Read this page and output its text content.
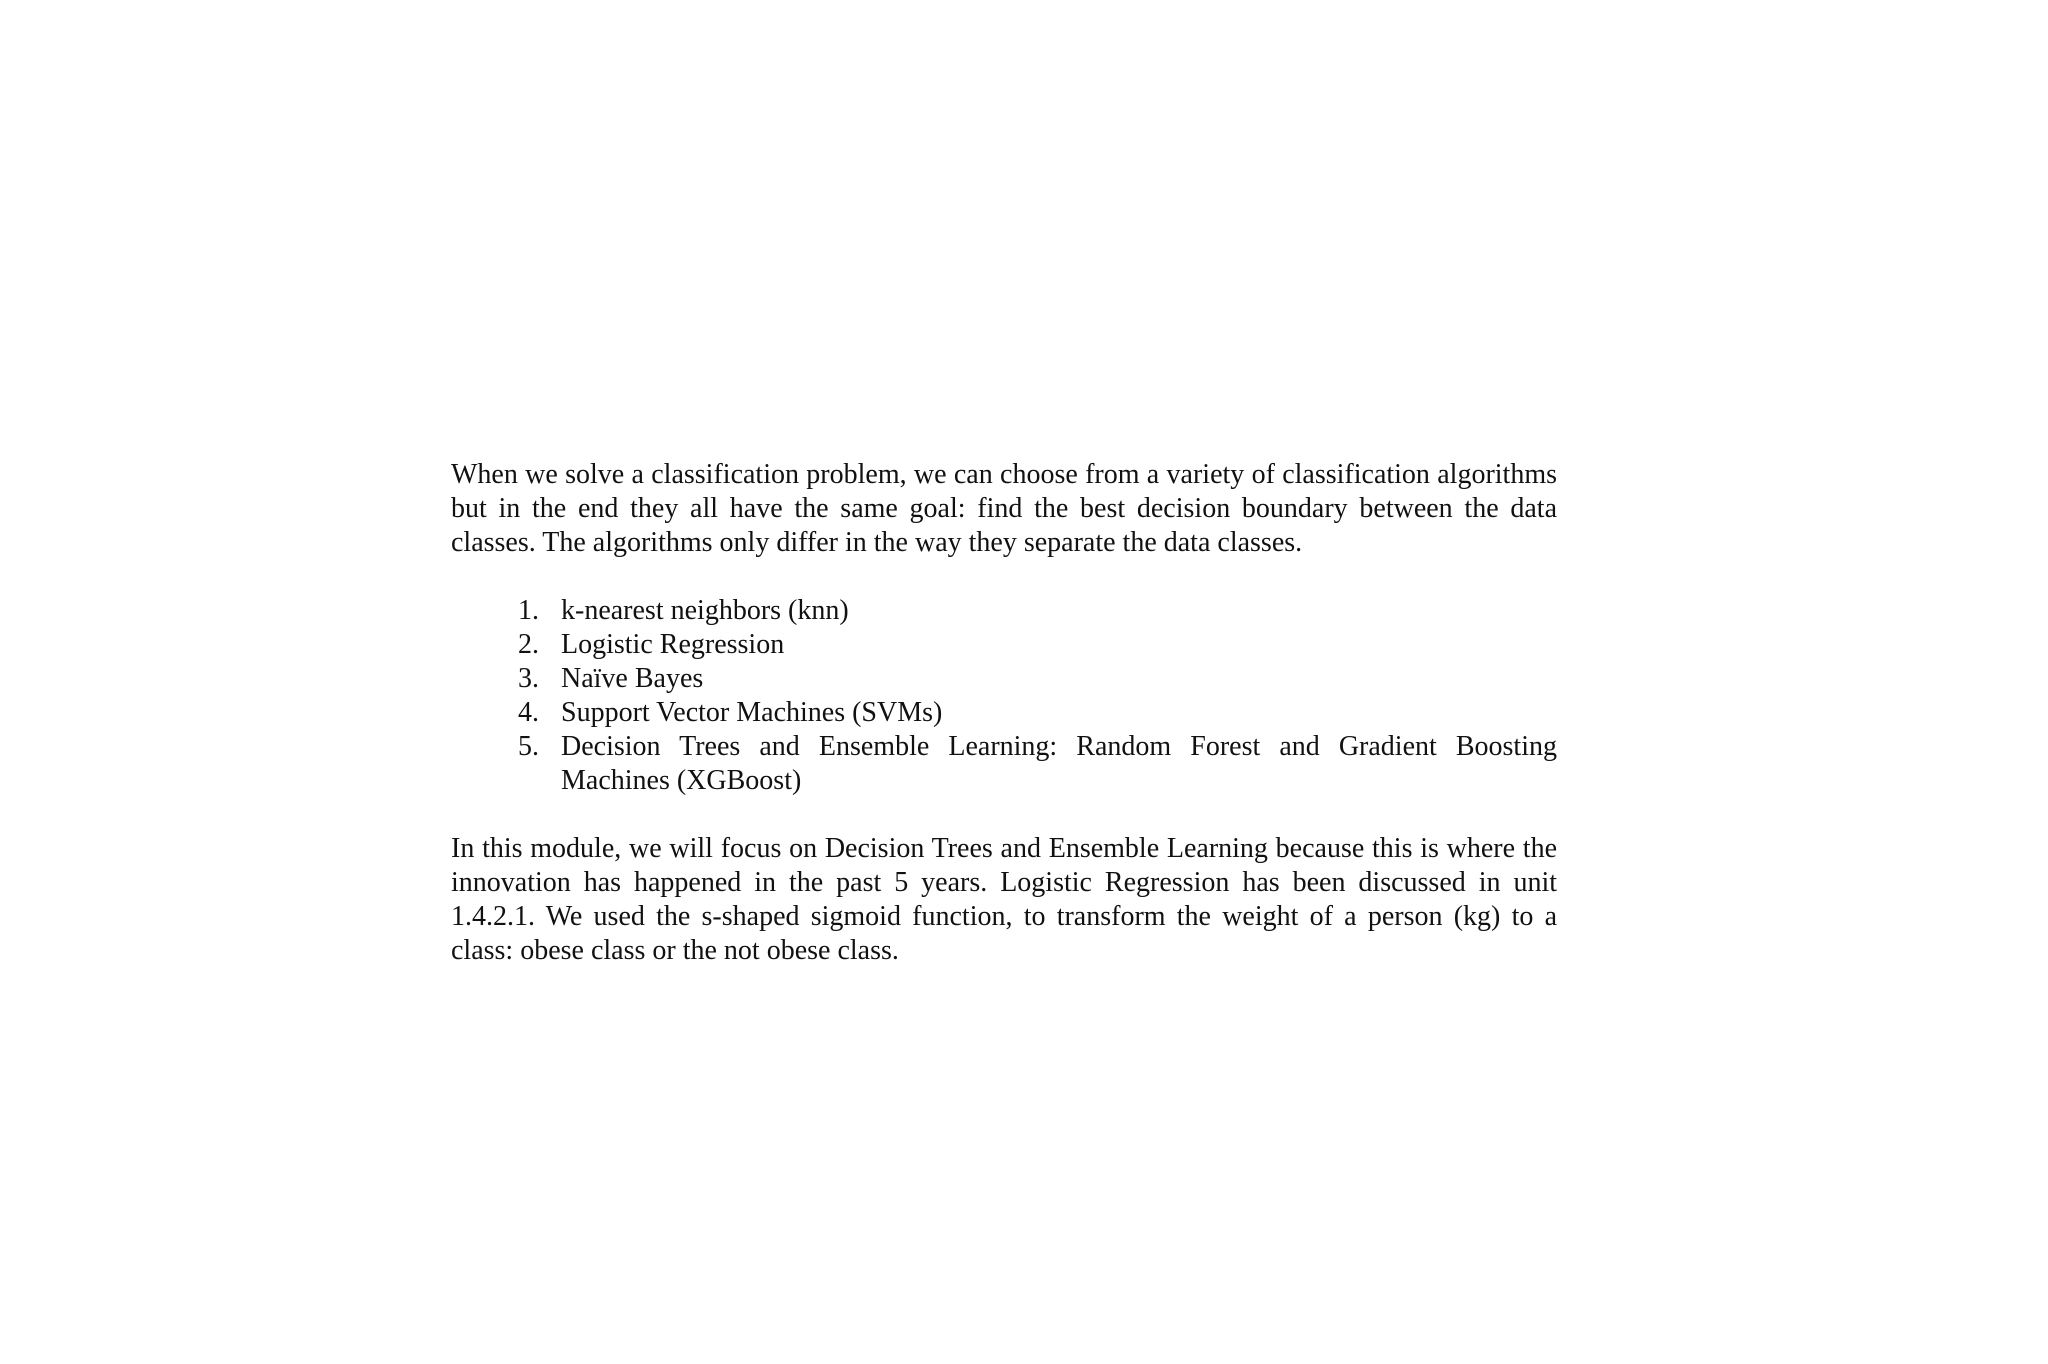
When we solve a classification problem, we can choose from a variety of classification algorithms but in the end they all have the same goal: find the best decision boundary between the data classes. The algorithms only differ in the way they separate the data classes.

1. k-nearest neighbors (knn)
2. Logistic Regression
3. Naïve Bayes
4. Support Vector Machines (SVMs)
5. Decision Trees and Ensemble Learning: Random Forest and Gradient Boosting Machines (XGBoost)

In this module, we will focus on Decision Trees and Ensemble Learning because this is where the innovation has happened in the past 5 years. Logistic Regression has been discussed in unit 1.4.2.1. We used the s-shaped sigmoid function, to transform the weight of a person (kg) to a class: obese class or the not obese class.
